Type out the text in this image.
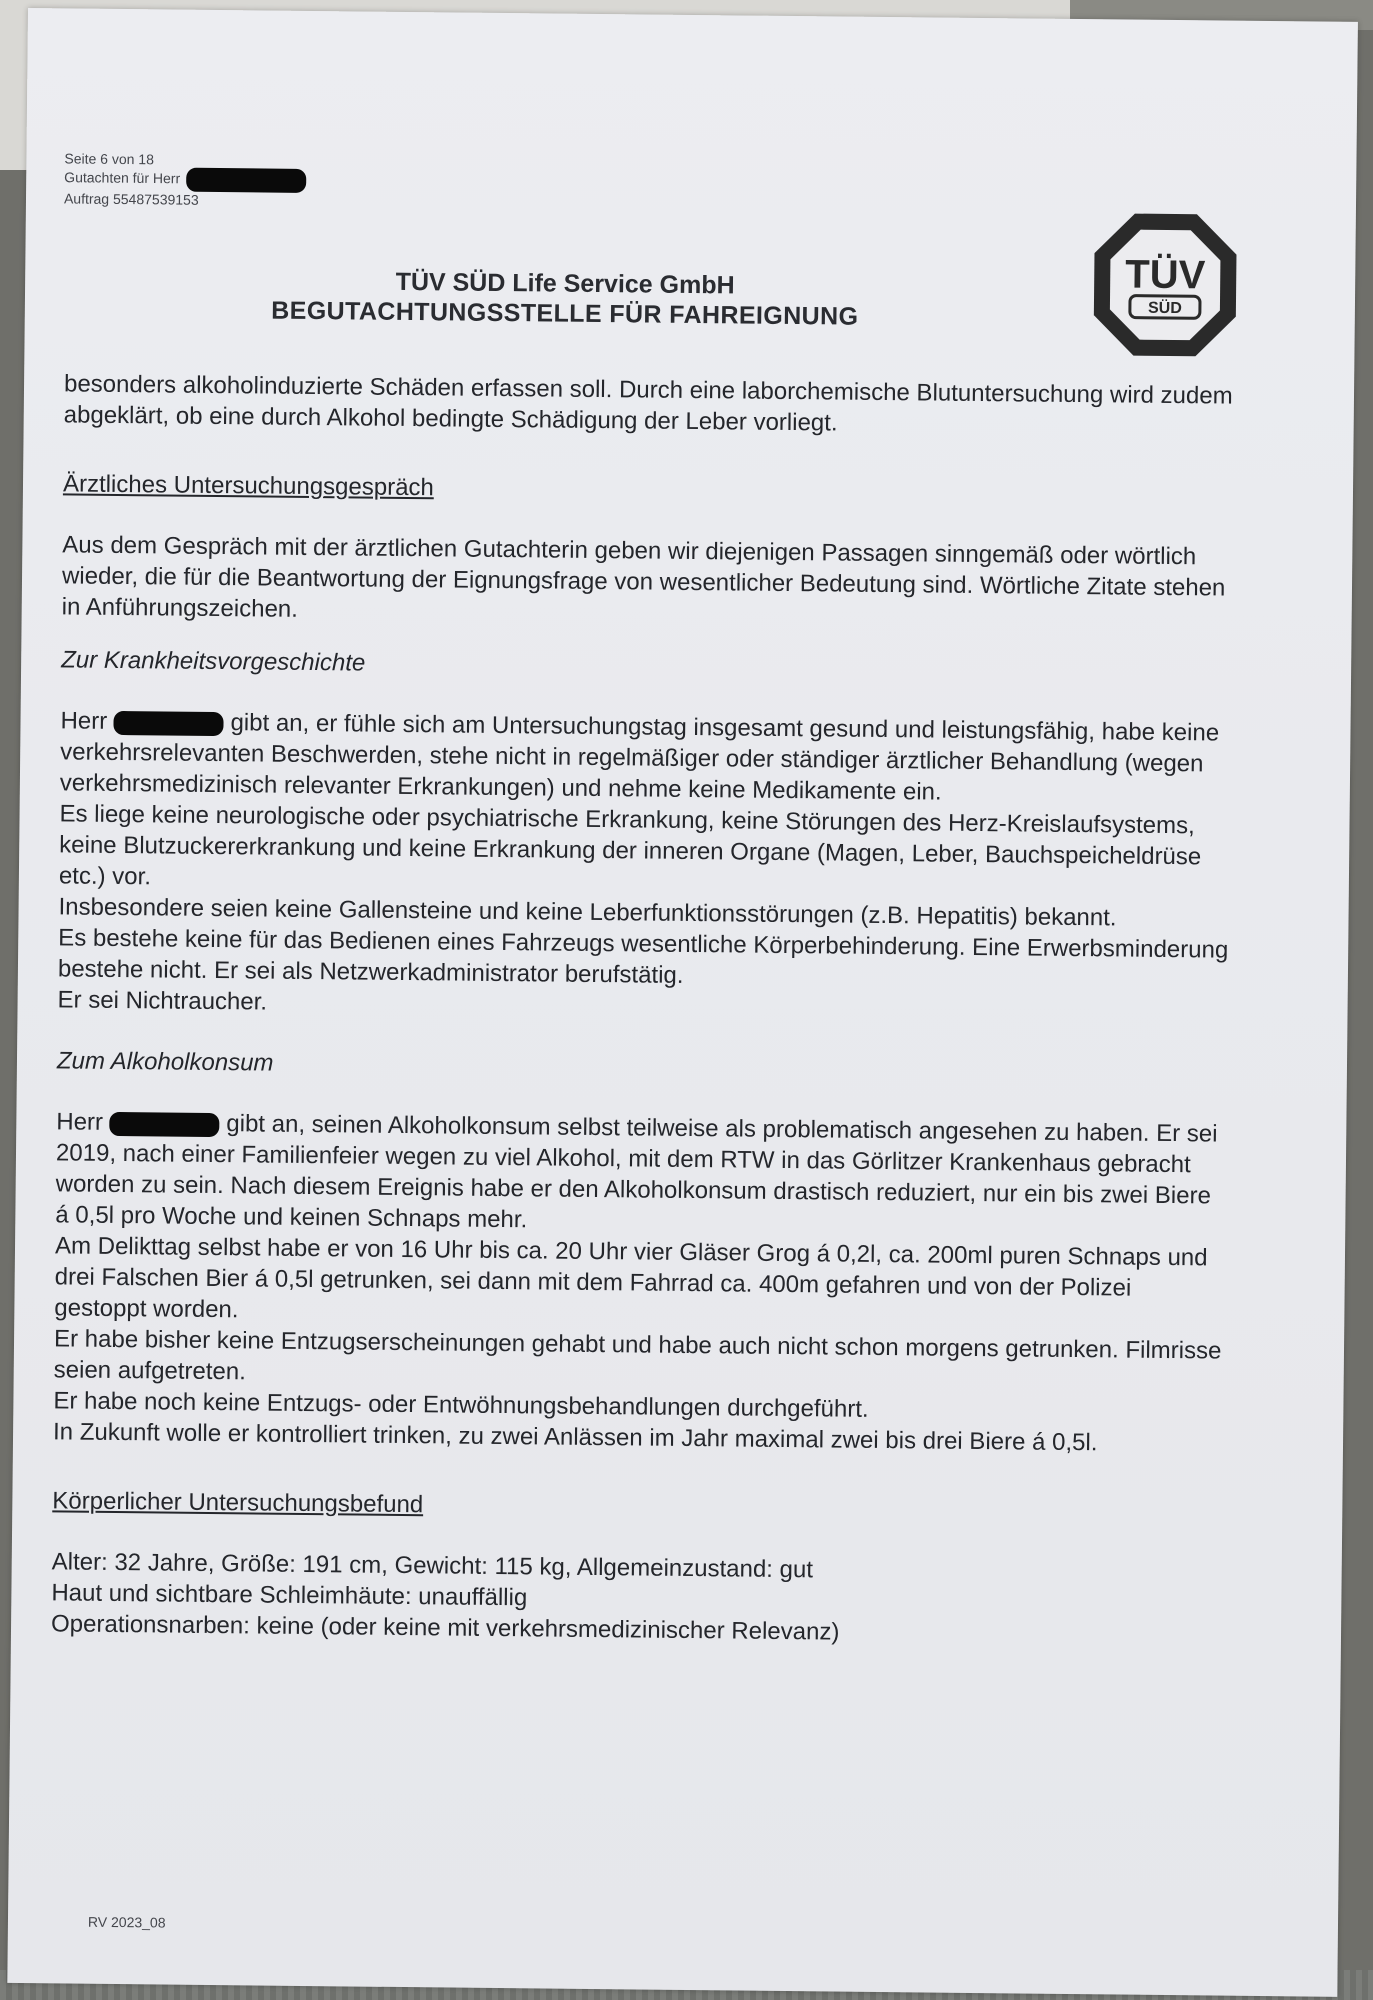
Seite 6 von 18
Gutachten für Herr
Auftrag 55487539153
TÜV SÜD Life Service GmbH
BEGUTACHTUNGSSTELLE FÜR FAHREIGNUNG
TÜV
SÜD

besonders alkoholinduzierte Schäden erfassen soll. Durch eine laborchemische Blutuntersuchung wird zudem abgeklärt, ob eine durch Alkohol bedingte Schädigung der Leber vorliegt.

Ärztliches Untersuchungsgespräch

Aus dem Gespräch mit der ärztlichen Gutachterin geben wir diejenigen Passagen sinngemäß oder wörtlich wieder, die für die Beantwortung der Eignungsfrage von wesentlicher Bedeutung sind. Wörtliche Zitate stehen in Anführungszeichen.

Zur Krankheitsvorgeschichte

Herr	gibt an, er fühle sich am Untersuchungstag insgesamt gesund und leistungsfähig, habe keine verkehrsrelevanten Beschwerden, stehe nicht in regelmäßiger oder ständiger ärztlicher Behandlung (wegen verkehrsmedizinisch relevanter Erkrankungen) und nehme keine Medikamente ein.

Es liege keine neurologische oder psychiatrische Erkrankung, keine Störungen des Herz-Kreislaufsystems, keine Blutzuckererkrankung und keine Erkrankung der inneren Organe (Magen, Leber, Bauchspeicheldrüse etc.) vor.
Insbesondere seien keine Gallensteine und keine Leberfunktionsstörungen (z.B. Hepatitis) bekannt.
Es bestehe keine für das Bedienen eines Fahrzeugs wesentliche Körperbehinderung. Eine Erwerbsminderung bestehe nicht. Er sei als Netzwerkadministrator berufstätig.
Er sei Nichtraucher.
Zum Alkoholkonsum

Herr	gibt an, seinen Alkoholkonsum selbst teilweise als problematisch angesehen zu haben. Er sei 2019, nach einer Familienfeier wegen zu viel Alkohol, mit dem RTW in das Görlitzer Krankenhaus gebracht worden zu sein. Nach diesem Ereignis habe er den Alkoholkonsum drastisch reduziert, nur ein bis zwei Biere á 0,5l pro Woche und keinen Schnaps mehr.

Am Delikttag selbst habe er von 16 Uhr bis ca. 20 Uhr vier Gläser Grog á 0,2l, ca. 200ml puren Schnaps und drei Falschen Bier á 0,5l getrunken, sei dann mit dem Fahrrad ca. 400m gefahren und von der Polizei gestoppt worden.
Er habe bisher keine Entzugserscheinungen gehabt und habe auch nicht schon morgens getrunken. Filmrisse seien aufgetreten.
Er habe noch keine Entzugs- oder Entwöhnungsbehandlungen durchgeführt.
In Zukunft wolle er kontrolliert trinken, zu zwei Anlässen im Jahr maximal zwei bis drei Biere á 0,5l.
Körperlicher Untersuchungsbefund
Alter: 32 Jahre, Größe: 191 cm, Gewicht: 115 kg, Allgemeinzustand: gut
Haut und sichtbare Schleimhäute: unauffällig
Operationsnarben: keine (oder keine mit verkehrsmedizinischer Relevanz)
RV 2023_08
